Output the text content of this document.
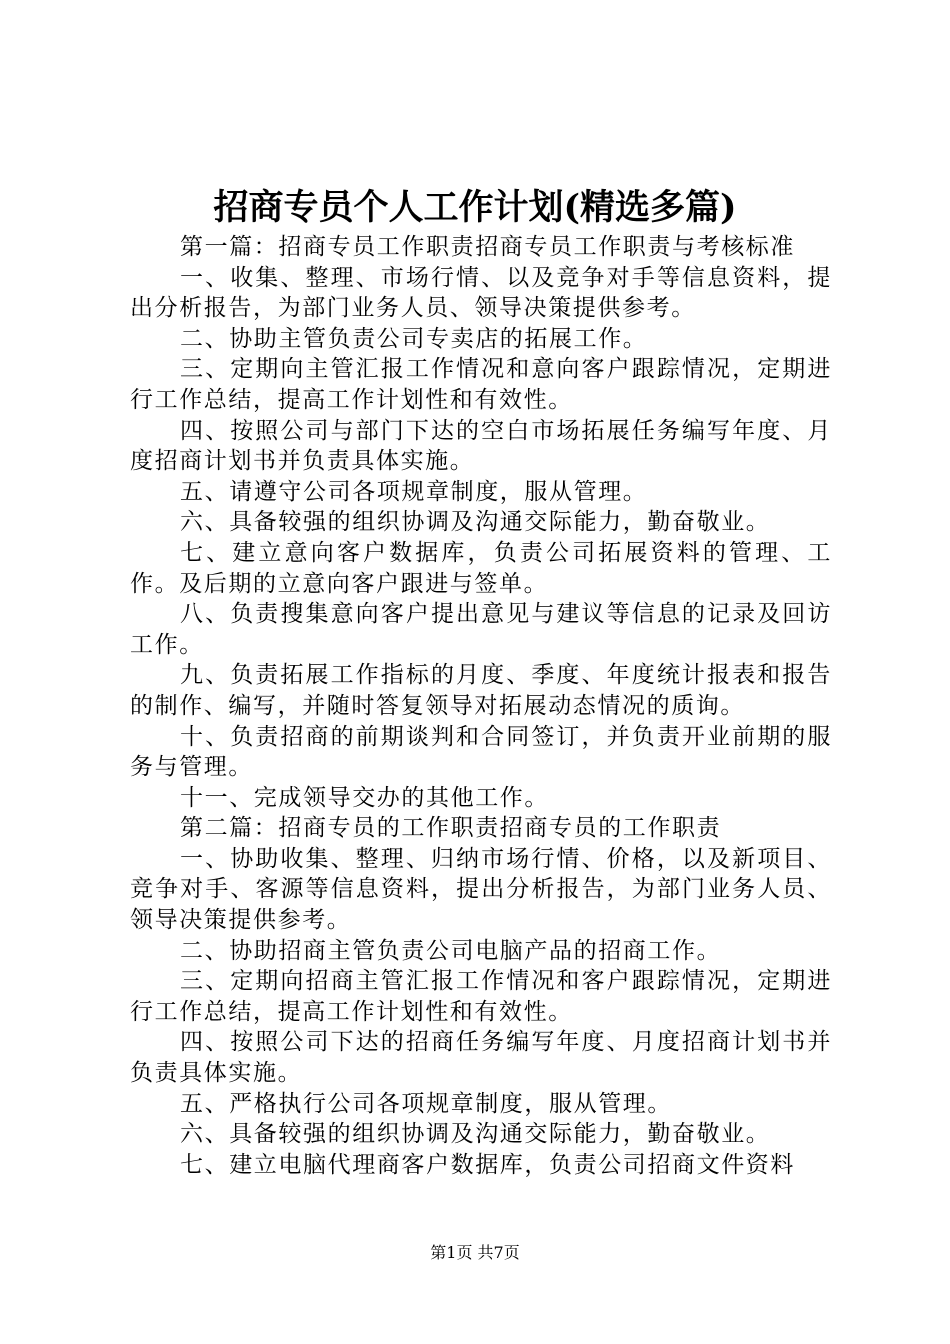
招商专员个人工作计划(精选多篇)

第一篇：招商专员工作职责招商专员工作职责与考核标准

一、收集、整理、市场行情、以及竞争对手等信息资料，提出分析报告，为部门业务人员、领导决策提供参考。

二、协助主管负责公司专卖店的拓展工作。

三、定期向主管汇报工作情况和意向客户跟踪情况，定期进行工作总结，提高工作计划性和有效性。

四、按照公司与部门下达的空白市场拓展任务编写年度、月度招商计划书并负责具体实施。

五、请遵守公司各项规章制度，服从管理。

六、具备较强的组织协调及沟通交际能力，勤奋敬业。

七、建立意向客户数据库，负责公司拓展资料的管理、工作。及后期的立意向客户跟进与签单。

八、负责搜集意向客户提出意见与建议等信息的记录及回访工作。

九、负责拓展工作指标的月度、季度、年度统计报表和报告的制作、编写，并随时答复领导对拓展动态情况的质询。

十、负责招商的前期谈判和合同签订，并负责开业前期的服务与管理。

十一、完成领导交办的其他工作。

第二篇：招商专员的工作职责招商专员的工作职责

一、协助收集、整理、归纳市场行情、价格，以及新项目、竞争对手、客源等信息资料，提出分析报告，为部门业务人员、领导决策提供参考。

二、协助招商主管负责公司电脑产品的招商工作。

三、定期向招商主管汇报工作情况和客户跟踪情况，定期进行工作总结，提高工作计划性和有效性。

四、按照公司下达的招商任务编写年度、月度招商计划书并负责具体实施。

五、严格执行公司各项规章制度，服从管理。

六、具备较强的组织协调及沟通交际能力，勤奋敬业。

七、建立电脑代理商客户数据库，负责公司招商文件资料

第1页 共7页
